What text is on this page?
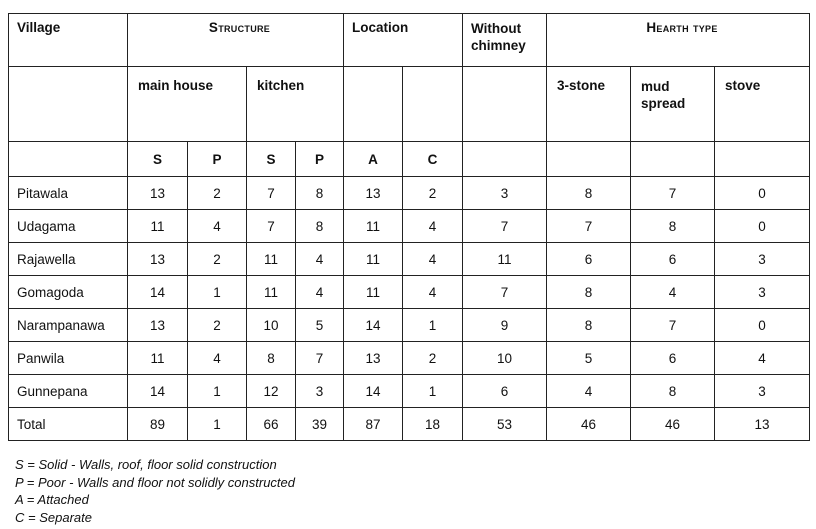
Village	Structure				Location		Without chimney	Hearth type		
	main house		kitchen					3-stone	mud spread	stove
	S	P	S	P	A	C				
Pitawala	13	2	7	8	13	2	3	8	7	0
Udagama	11	4	7	8	11	4	7	7	8	0
Rajawella	13	2	11	4	11	4	11	6	6	3
Gomagoda	14	1	11	4	11	4	7	8	4	3
Narampanawa	13	2	10	5	14	1	9	8	7	0
Panwila	11	4	8	7	13	2	10	5	6	4
Gunnepana	14	1	12	3	14	1	6	4	8	3
Total	89	1	66	39	87	18	53	46	46	13
S = Solid - Walls, roof, floor solid construction
P = Poor - Walls and floor not solidly constructed
A = Attached
C = Separate
